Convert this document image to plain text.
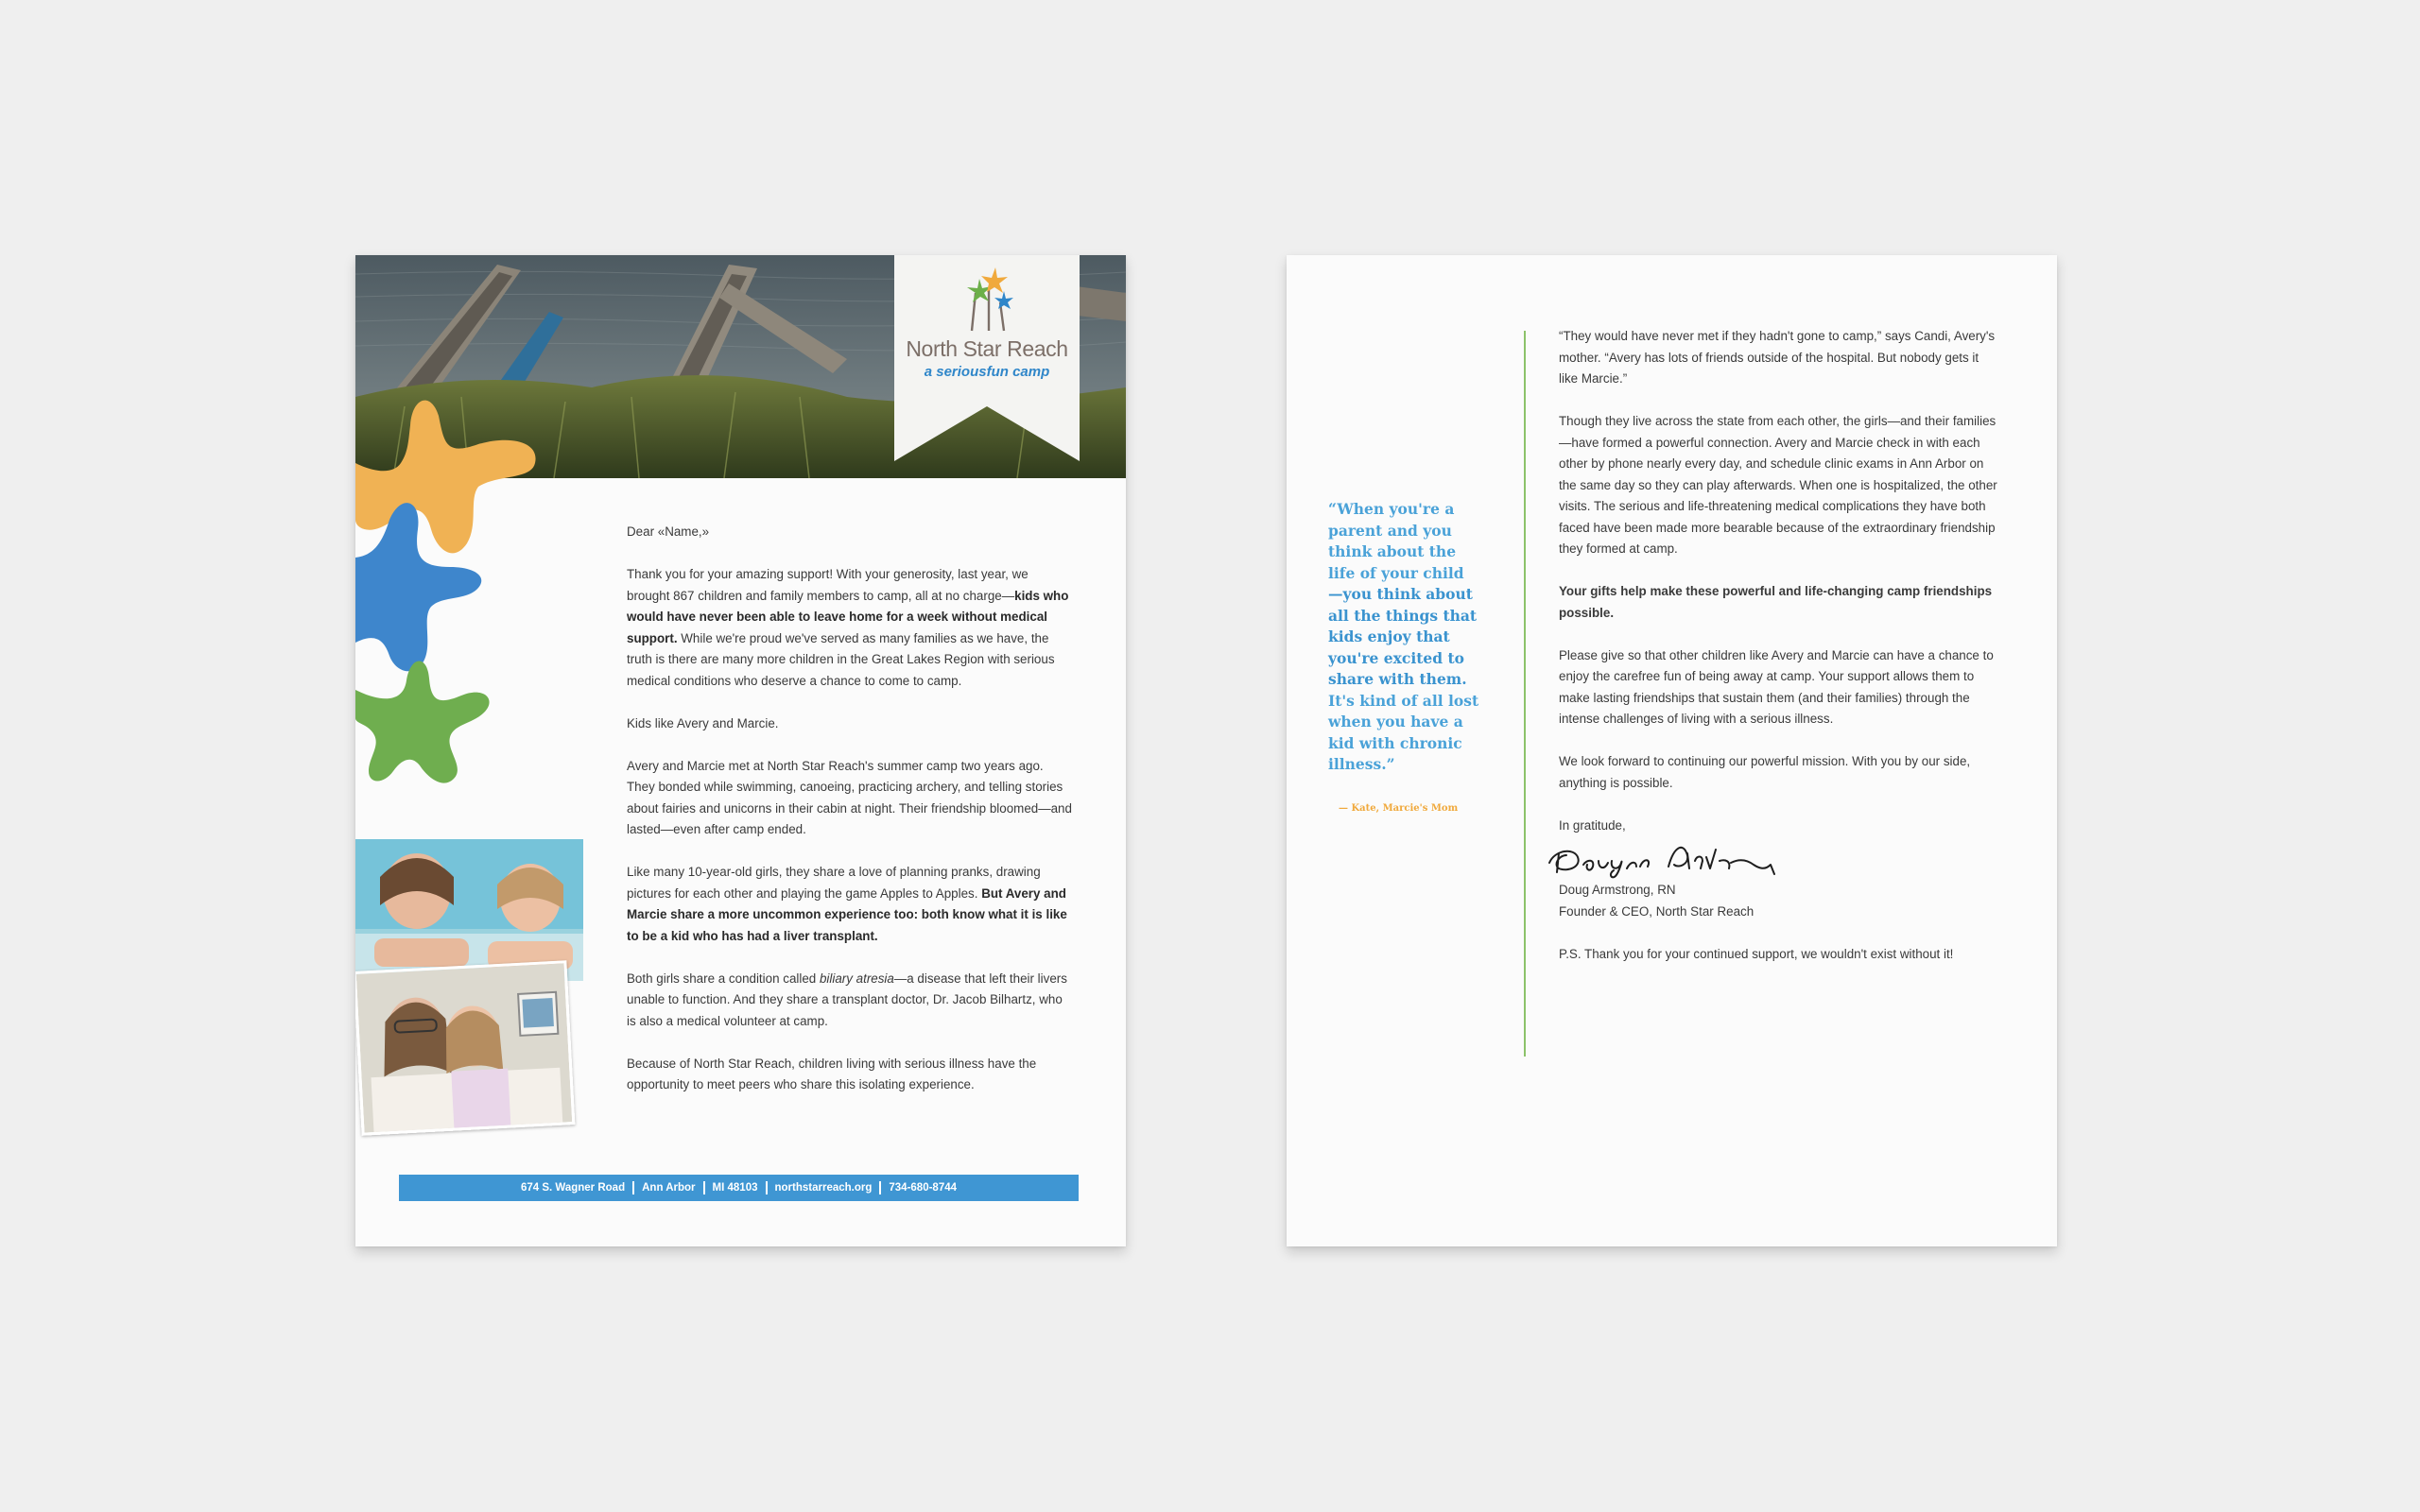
North Star Reach
a seriousfun camp

Dear «Name,»

Thank you for your amazing support! With your generosity, last year, we brought 867 children and family members to camp, all at no charge—kids who would have never been able to leave home for a week without medical support. While we're proud we've served as many families as we have, the truth is there are many more children in the Great Lakes Region with serious medical conditions who deserve a chance to come to camp.

Kids like Avery and Marcie.

Avery and Marcie met at North Star Reach's summer camp two years ago. They bonded while swimming, canoeing, practicing archery, and telling stories about fairies and unicorns in their cabin at night. Their friendship bloomed—and lasted—even after camp ended.

Like many 10-year-old girls, they share a love of planning pranks, drawing pictures for each other and playing the game Apples to Apples. But Avery and Marcie share a more uncommon experience too: both know what it is like to be a kid who has had a liver transplant.

Both girls share a condition called biliary atresia—a disease that left their livers unable to function. And they share a transplant doctor, Dr. Jacob Bilhartz, who is also a medical volunteer at camp.

Because of North Star Reach, children living with serious illness have the opportunity to meet peers who share this isolating experience.

674 S. Wagner Road Ann Arbor MI 48103 northstarreach.org 734-680-8744
“When you're a parent and you think about the life of your child —you think about all the things that kids enjoy that you're excited to share with them. It's kind of all lost when you have a kid with chronic illness.”
— Kate, Marcie's Mom

“They would have never met if they hadn't gone to camp,” says Candi, Avery's mother. “Avery has lots of friends outside of the hospital. But nobody gets it like Marcie.”

Though they live across the state from each other, the girls—and their families—have formed a powerful connection. Avery and Marcie check in with each other by phone nearly every day, and schedule clinic exams in Ann Arbor on the same day so they can play afterwards. When one is hospitalized, the other visits. The serious and life-threatening medical complications they have both faced have been made more bearable because of the extraordinary friendship they formed at camp.

Your gifts help make these powerful and life-changing camp friendships possible.

Please give so that other children like Avery and Marcie can have a chance to enjoy the carefree fun of being away at camp. Your support allows them to make lasting friendships that sustain them (and their families) through the intense challenges of living with a serious illness.

We look forward to continuing our powerful mission. With you by our side, anything is possible.

In gratitude,

Doug Armstrong, RN

Founder & CEO, North Star Reach

P.S. Thank you for your continued support, we wouldn't exist without it!
